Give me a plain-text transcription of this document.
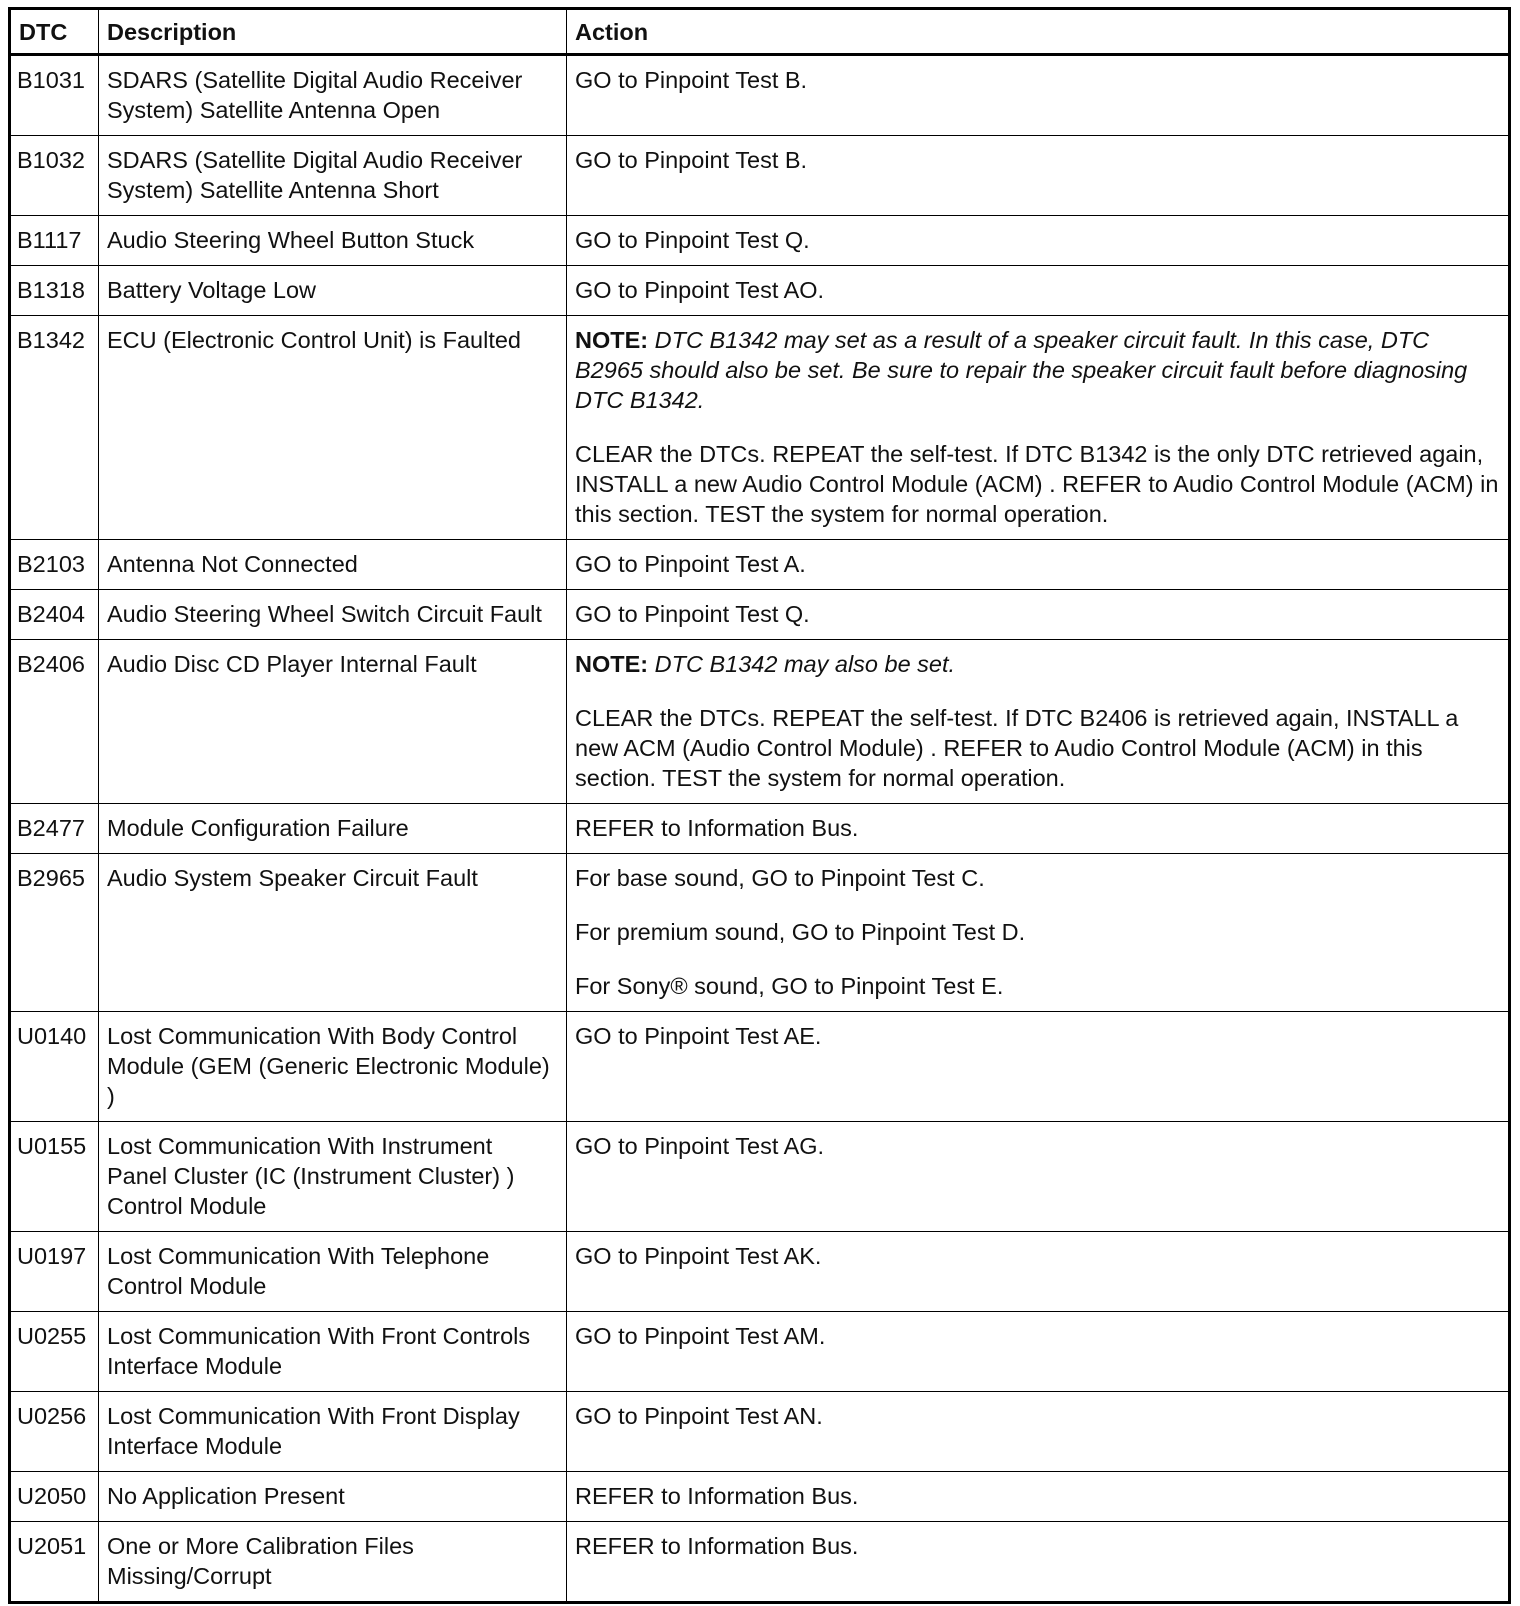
DTC	Description	Action
B1031	SDARS (Satellite Digital Audio Receiver System) Satellite Antenna Open	GO to Pinpoint Test B.

B1032	SDARS (Satellite Digital Audio Receiver System) Satellite Antenna Short	GO to Pinpoint Test B.

B1117	Audio Steering Wheel Button Stuck	GO to Pinpoint Test Q.

B1318	Battery Voltage Low	GO to Pinpoint Test AO.

B1342	ECU (Electronic Control Unit) is Faulted	NOTE: DTC B1342 may set as a result of a speaker circuit fault. In this case, DTC B2965 should also be set. Be sure to repair the speaker circuit fault before diagnosing DTC B1342.
CLEAR the DTCs. REPEAT the self-test. If DTC B1342 is the only DTC retrieved again, INSTALL a new Audio Control Module (ACM) . REFER to Audio Control Module (ACM) in this section. TEST the system for normal operation.

B2103	Antenna Not Connected	GO to Pinpoint Test A.

B2404	Audio Steering Wheel Switch Circuit Fault	GO to Pinpoint Test Q.

B2406	Audio Disc CD Player Internal Fault	NOTE: DTC B1342 may also be set.
CLEAR the DTCs. REPEAT the self-test. If DTC B2406 is retrieved again, INSTALL a new ACM (Audio Control Module) . REFER to Audio Control Module (ACM) in this section. TEST the system for normal operation.

B2477	Module Configuration Failure	REFER to Information Bus.

B2965	Audio System Speaker Circuit Fault	For base sound, GO to Pinpoint Test C.
For premium sound, GO to Pinpoint Test D.
For Sony® sound, GO to Pinpoint Test E.

U0140	Lost Communication With Body Control Module (GEM (Generic Electronic Module) )	GO to Pinpoint Test AE.

U0155	Lost Communication With Instrument Panel Cluster (IC (Instrument Cluster) ) Control Module	GO to Pinpoint Test AG.

U0197	Lost Communication With Telephone Control Module	GO to Pinpoint Test AK.

U0255	Lost Communication With Front Controls Interface Module	GO to Pinpoint Test AM.

U0256	Lost Communication With Front Display Interface Module	GO to Pinpoint Test AN.

U2050	No Application Present	REFER to Information Bus.

U2051	One or More Calibration Files Missing/Corrupt	REFER to Information Bus.
